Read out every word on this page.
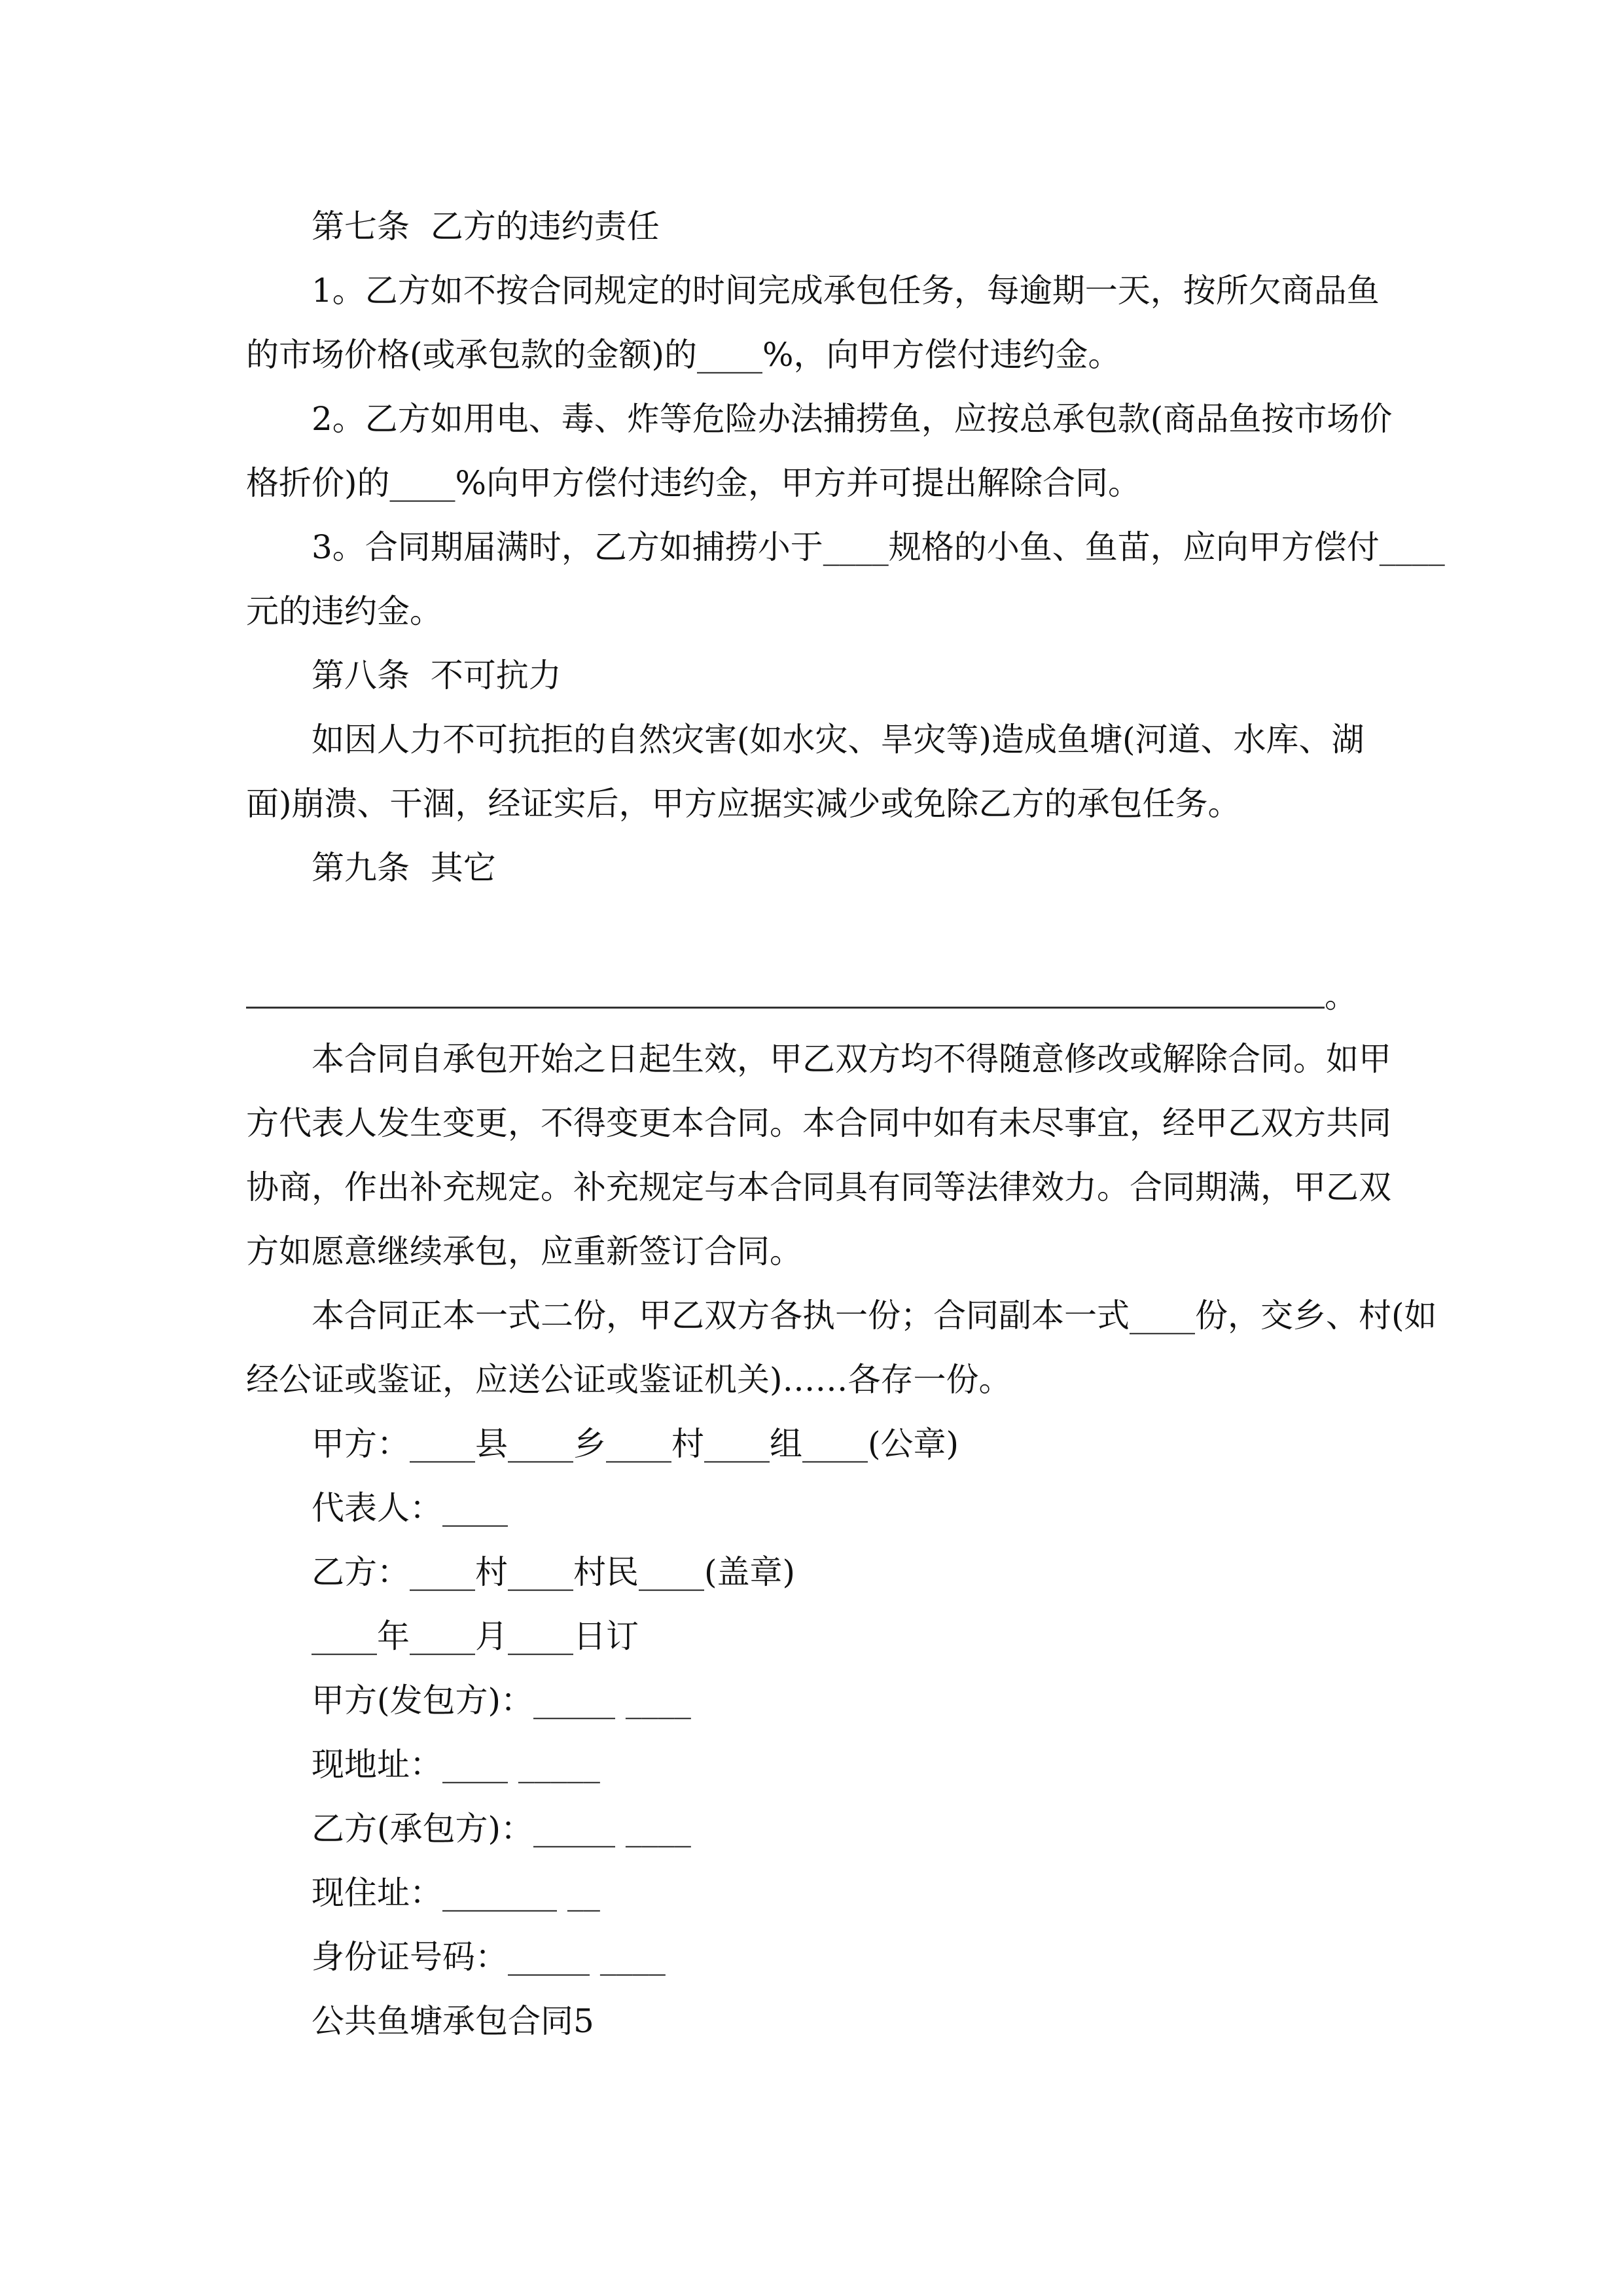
第七条  乙方的违约责任
1。乙方如不按合同规定的时间完成承包任务，每逾期一天，按所欠商品鱼
的市场价格(或承包款的金额)的____%，向甲方偿付违约金。
2。乙方如用电、毒、炸等危险办法捕捞鱼，应按总承包款(商品鱼按市场价
格折价)的____%向甲方偿付违约金，甲方并可提出解除合同。
3。合同期届满时，乙方如捕捞小于____规格的小鱼、鱼苗，应向甲方偿付____
元的违约金。
第八条  不可抗力
如因人力不可抗拒的自然灾害(如水灾、旱灾等)造成鱼塘(河道、水库、湖
面)崩溃、干涸，经证实后，甲方应据实减少或免除乙方的承包任务。
第九条  其它
。
本合同自承包开始之日起生效，甲乙双方均不得随意修改或解除合同。如甲
方代表人发生变更，不得变更本合同。本合同中如有未尽事宜，经甲乙双方共同
协商，作出补充规定。补充规定与本合同具有同等法律效力。合同期满，甲乙双
方如愿意继续承包，应重新签订合同。
本合同正本一式二份，甲乙双方各执一份；合同副本一式____份，交乡、村(如
经公证或鉴证，应送公证或鉴证机关)……各存一份。
甲方：____县____乡____村____组____(公章)
代表人：____
乙方：____村____村民____(盖章)
____年____月____日订
甲方(发包方)：_____ ____
现地址：____ _____
乙方(承包方)：_____ ____
现住址：_______ __
身份证号码：_____ ____
公共鱼塘承包合同5
